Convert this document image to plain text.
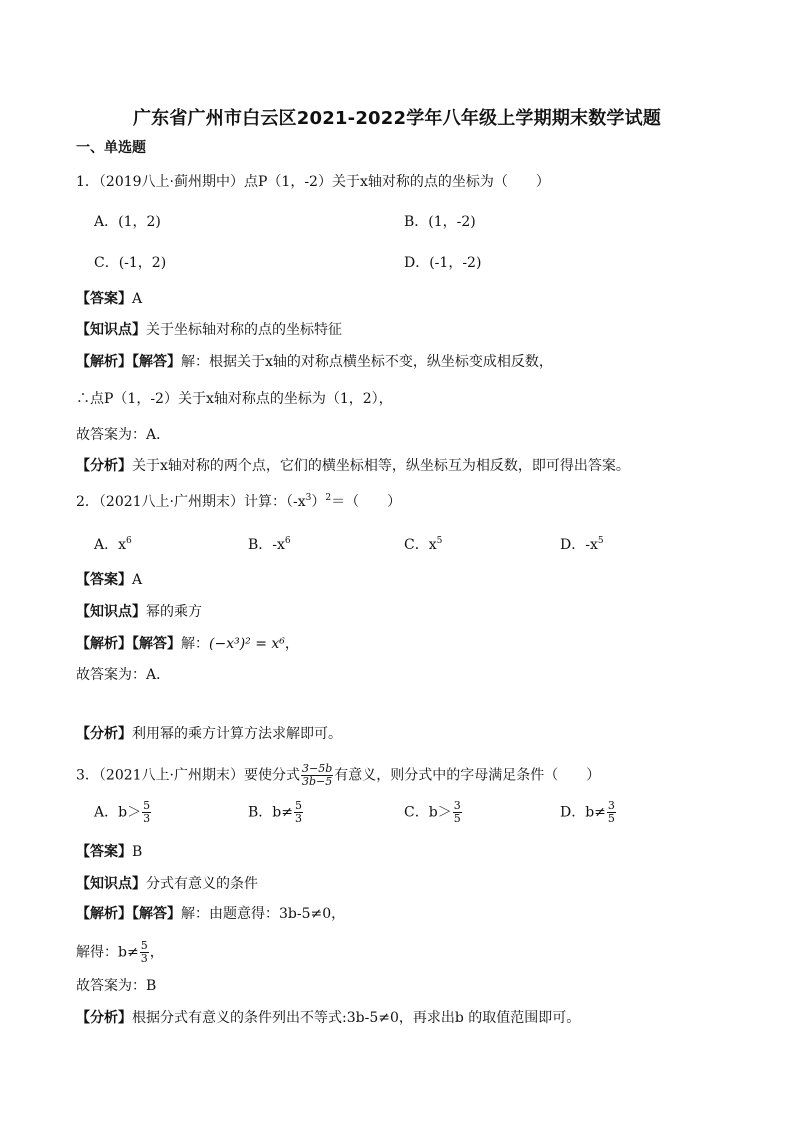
广东省广州市白云区2021-2022学年八年级上学期期末数学试题
一、单选题
1．（2019八上·蓟州期中）点P（1，-2）关于x轴对称的点的坐标为（　　）
A．(1，2)	B．(1，-2)
C．(-1，2)	D．(-1，-2)
【答案】A
【知识点】关于坐标轴对称的点的坐标特征
【解析】【解答】解：根据关于x轴的对称点横坐标不变，纵坐标变成相反数，
∴点P（1，-2）关于x轴对称点的坐标为（1，2），
故答案为：A．
【分析】关于x轴对称的两个点，它们的横坐标相等，纵坐标互为相反数，即可得出答案。
2．（2021八上·广州期末）计算：$(-x^3)^2=$（　　）
A．$x^6$	B．$-x^6$	C．$x^5$	D．$-x^5$
【答案】A
【知识点】幂的乘方
【解析】【解答】解：(−x³)² = x⁶，
故答案为：A．
【分析】利用幂的乘方计算方法求解即可。
3．（2021八上·广州期末）要使分式 $\frac{3-5b}{3b-5}$ 有意义，则分式中的字母满足条件（　　）
A．$b> \frac{5}{3}$	B．$b\ne \frac{5}{3}$	C．$b> \frac{3}{5}$	D．$b\ne \frac{3}{5}$
【答案】B
【知识点】分式有意义的条件
【解析】【解答】解：由题意得：3b-5≠0，
解得：$b\ne \frac{5}{3}$ ，
故答案为：B
【分析】根据分式有意义的条件列出不等式:3b-5≠0，再求出b 的取值范围即可。
